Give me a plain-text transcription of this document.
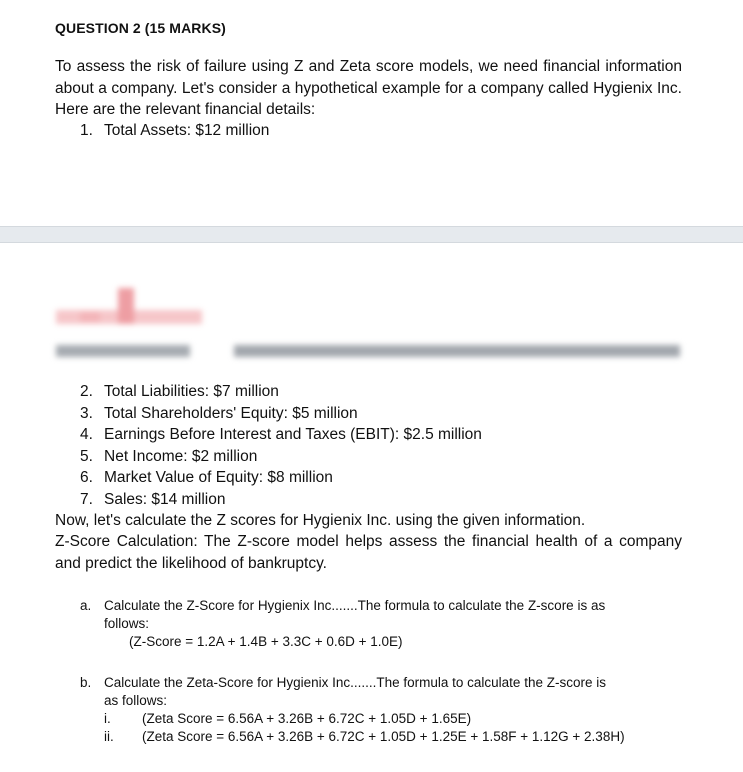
QUESTION 2 (15 MARKS)
To assess the risk of failure using Z and Zeta score models, we need financial information about a company. Let's consider a hypothetical example for a company called Hygienix Inc. Here are the relevant financial details:
1. Total Assets: $12 million
2. Total Liabilities: $7 million
3. Total Shareholders' Equity: $5 million
4. Earnings Before Interest and Taxes (EBIT): $2.5 million
5. Net Income: $2 million
6. Market Value of Equity: $8 million
7. Sales: $14 million
Now, let's calculate the Z scores for Hygienix Inc. using the given information.
Z-Score Calculation: The Z-score model helps assess the financial health of a company and predict the likelihood of bankruptcy.
a. Calculate the Z-Score for Hygienix Inc.......The formula to calculate the Z-score is as
follows:
(Z-Score = 1.2A + 1.4B + 3.3C + 0.6D + 1.0E)
b. Calculate the Zeta-Score for Hygienix Inc.......The formula to calculate the Z-score is
as follows:
i. (Zeta Score = 6.56A + 3.26B + 6.72C + 1.05D + 1.65E)
ii. (Zeta Score = 6.56A + 3.26B + 6.72C + 1.05D + 1.25E + 1.58F + 1.12G + 2.38H)
